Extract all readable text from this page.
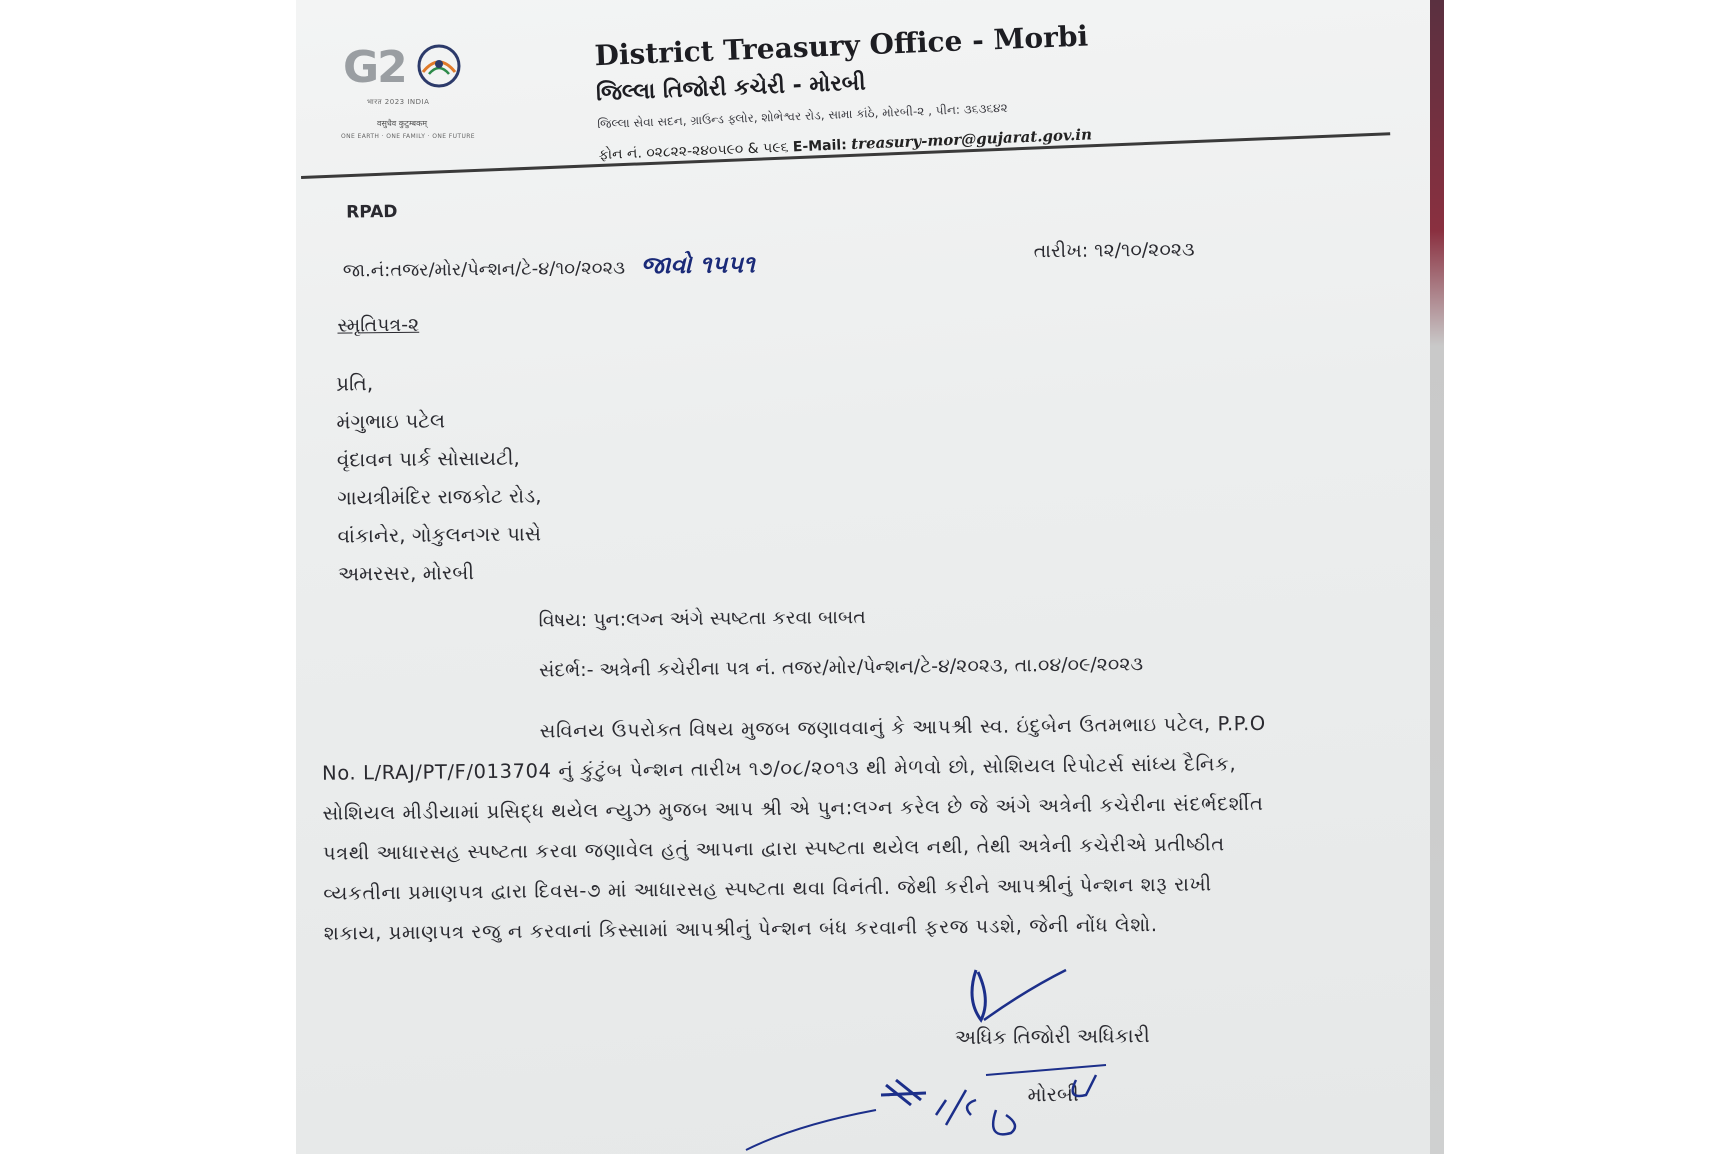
G2
भारत 2023 INDIA
वसुधैव कुटुम्बकम्
ONE EARTH · ONE FAMILY · ONE FUTURE
District Treasury Office - Morbi
જિલ્લા તિજોરી કચેરી - મોરબી
જિલ્લા સેવા સદન, ગ્રાઉન્ડ ફ્લોર, શોભેશ્વર રોડ, સામા કાંઠે, મોરબી-૨ , પીન: ૩૬૩૬૪૨
ફોન નં. ૦૨૮૨૨-૨૪૦૫૯૦ & ૫૯૬ E-Mail: treasury-mor@gujarat.gov.in
RPAD
જા.નં:તજર/મોર/પેન્શન/ટે-૪/૧૦/૨૦૨૩ જાવો ૧૫૫૧	તારીખ: ૧૨/૧૦/૨૦૨૩
સ્મૃતિપત્ર-૨
પ્રતિ,
મંગુભાઇ પટેલ
વૃંદાવન પાર્ક સોસાયટી,
ગાયત્રીમંદિર રાજકોટ રોડ,
વાંકાનેર, ગોકુલનગર પાસે
અમરસર, મોરબી
વિષય: પુન:લગ્ન અંગે સ્પષ્ટતા કરવા બાબત
સંદર્ભ:- અત્રેની કચેરીના પત્ર નં. તજર/મોર/પેન્શન/ટે-૪/૨૦૨૩, તા.૦૪/૦૯/૨૦૨૩
સવિનય ઉપરોક્ત વિષય મુજબ જણાવવાનું કે આપશ્રી સ્વ. ઇંદુબેન ઉતમભાઇ પટેલ, P.P.O
No. L/RAJ/PT/F/013704 નું કુંટુંબ પેન્શન તારીખ ૧૭/૦૮/૨૦૧૩ થી મેળવો છો, સોશિયલ રિપોટર્સ સાંધ્ય દૈનિક,
સોશિયલ મીડીયામાં પ્રસિદ્ધ થયેલ ન્યુઝ મુજબ આપ શ્રી એ પુન:લગ્ન કરેલ છે જે અંગે અત્રેની કચેરીના સંદર્ભદર્શીત
પત્રથી આધારસહ સ્પષ્ટતા કરવા જણાવેલ હતું આપના દ્વારા સ્પષ્ટતા થયેલ નથી, તેથી અત્રેની કચેરીએ પ્રતીષ્ઠીત
વ્યકતીના પ્રમાણપત્ર દ્વારા દિવસ-૭ માં આધારસહ સ્પષ્ટતા થવા વિનંતી. જેથી કરીને આપશ્રીનું પેન્શન શરૂ રાખી
શકાય, પ્રમાણપત્ર રજુ ન કરવાનાં કિસ્સામાં આપશ્રીનું પેન્શન બંધ કરવાની ફરજ પડશે, જેની નોંધ લેશો.
અધિક તિજોરી અધિકારી
મોરબી
